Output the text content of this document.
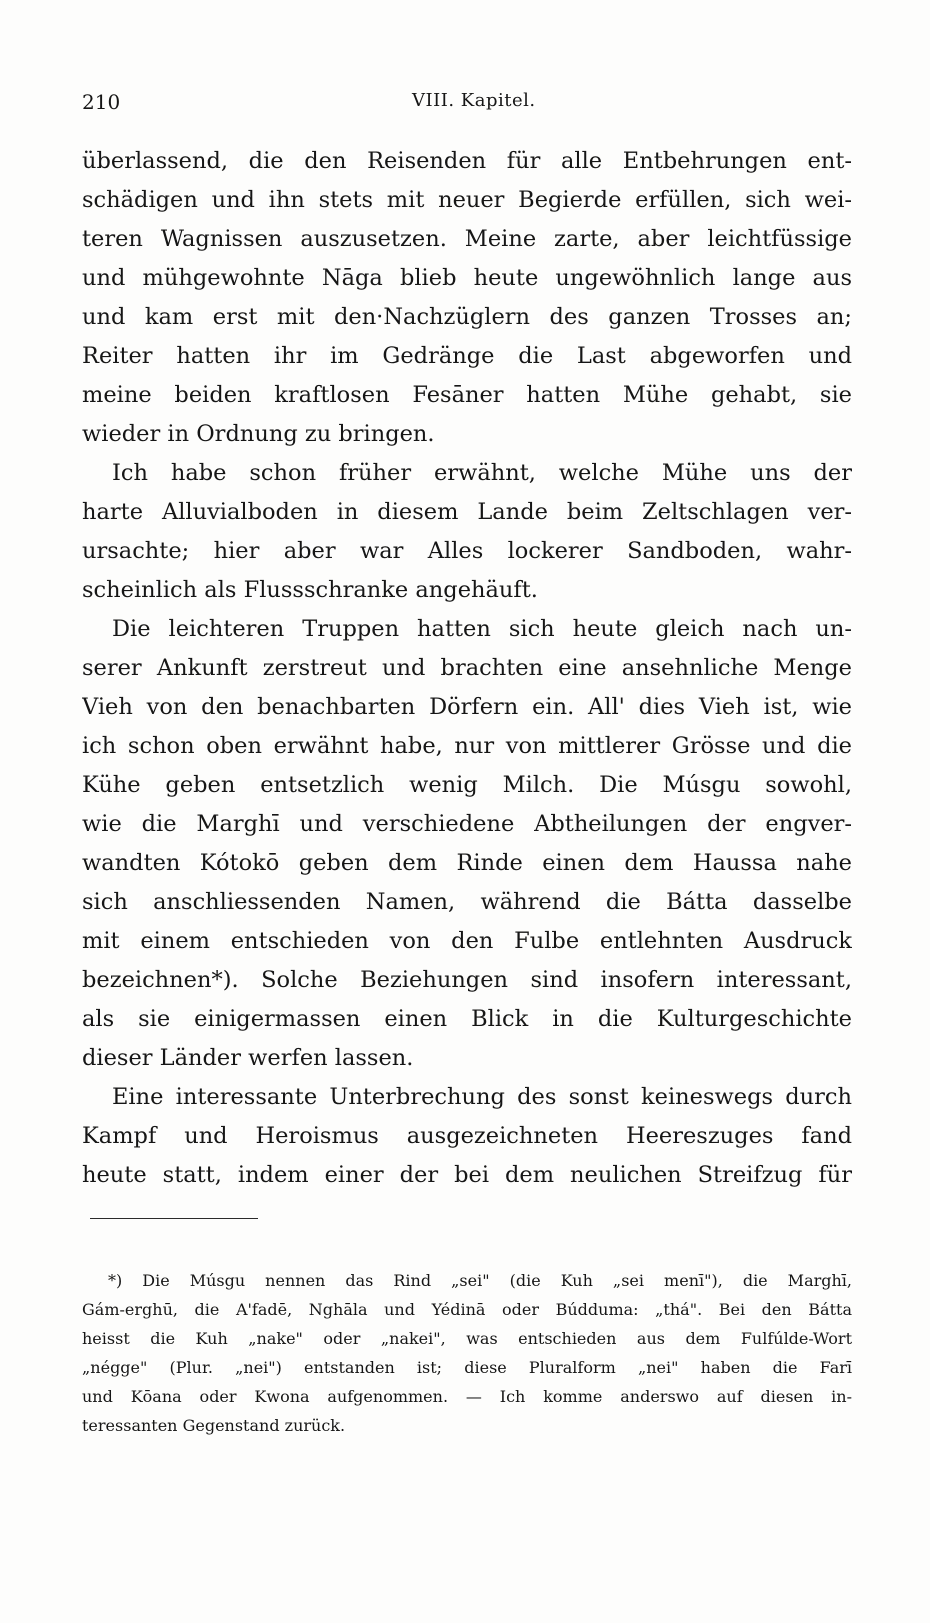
210	VIII. Kapitel.
überlassend, die den Reisenden für alle Entbehrungen ent-
schädigen und ihn stets mit neuer Begierde erfüllen, sich wei-
teren Wagnissen auszusetzen. Meine zarte, aber leichtfüssige
und mühgewohnte Nāga blieb heute ungewöhnlich lange aus
und kam erst mit den·Nachzüglern des ganzen Trosses an;
Reiter hatten ihr im Gedränge die Last abgeworfen und
meine beiden kraftlosen Fesāner hatten Mühe gehabt, sie
wieder in Ordnung zu bringen.
Ich habe schon früher erwähnt, welche Mühe uns der
harte Alluvialboden in diesem Lande beim Zeltschlagen ver-
ursachte; hier aber war Alles lockerer Sandboden, wahr-
scheinlich als Flussschranke angehäuft.
Die leichteren Truppen hatten sich heute gleich nach un-
serer Ankunft zerstreut und brachten eine ansehnliche Menge
Vieh von den benachbarten Dörfern ein. All' dies Vieh ist, wie
ich schon oben erwähnt habe, nur von mittlerer Grösse und die
Kühe geben entsetzlich wenig Milch. Die Músgu sowohl,
wie die Marghī und verschiedene Abtheilungen der engver-
wandten Kótokō geben dem Rinde einen dem Haussa nahe
sich anschliessenden Namen, während die Bátta dasselbe
mit einem entschieden von den Fulbe entlehnten Ausdruck
bezeichnen*). Solche Beziehungen sind insofern interessant,
als sie einigermassen einen Blick in die Kulturgeschichte
dieser Länder werfen lassen.
Eine interessante Unterbrechung des sonst keineswegs durch
Kampf und Heroismus ausgezeichneten Heereszuges fand
heute statt, indem einer der bei dem neulichen Streifzug für
*) Die Músgu nennen das Rind „sei" (die Kuh „sei menī"), die Marghī,
Gám-erghū, die A'fadē, Nghāla und Yédinā oder Búdduma: „thá". Bei den Bátta
heisst die Kuh „nake" oder „nakei", was entschieden aus dem Fulfúlde-Wort
„négge" (Plur. „nei") entstanden ist; diese Pluralform „nei" haben die Farī
und Kōana oder Kwona aufgenommen. — Ich komme anderswo auf diesen in-
teressanten Gegenstand zurück.
